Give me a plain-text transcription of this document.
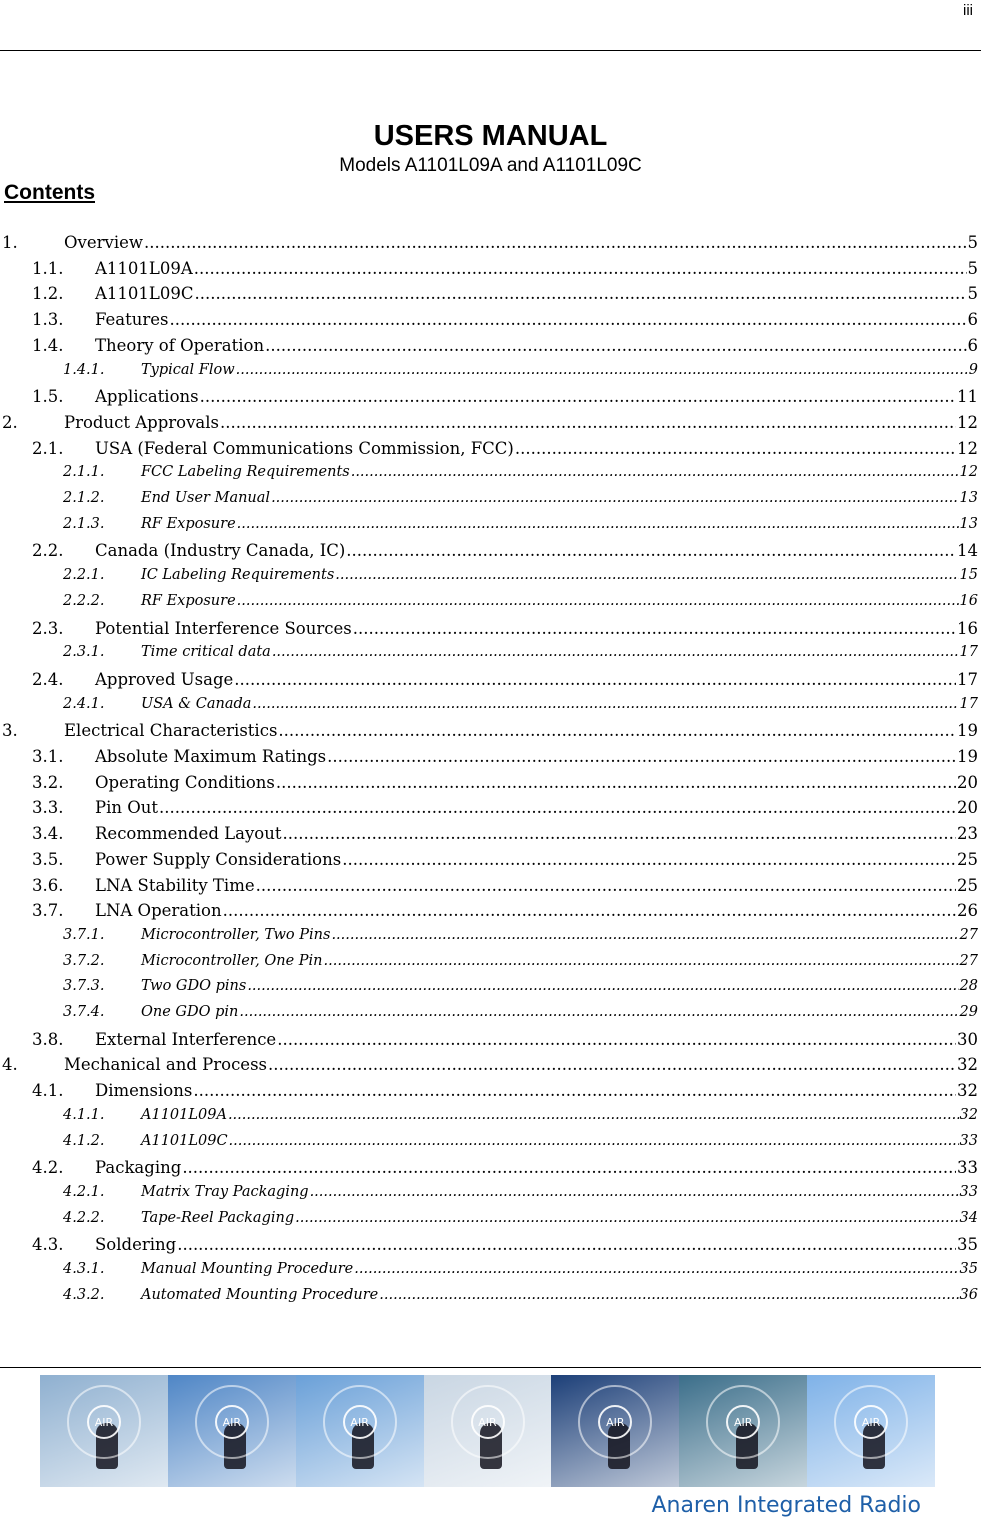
iii
USERS MANUAL
Models A1101L09A and A1101L09C
Contents
1.	Overview .....	5
1.1.	A1101L09A .....	5
1.2.	A1101L09C .....	5
1.3.	Features .....	6
1.4.	Theory of Operation .....	6
1.4.1.	Typical Flow .....	9
1.5.	Applications .....	11
2.	Product Approvals .....	12
2.1.	USA (Federal Communications Commission, FCC) .....	12
2.1.1.	FCC Labeling Requirements .....	12
2.1.2.	End User Manual .....	13
2.1.3.	RF Exposure .....	13
2.2.	Canada (Industry Canada, IC) .....	14
2.2.1.	IC Labeling Requirements .....	15
2.2.2.	RF Exposure .....	16
2.3.	Potential Interference Sources .....	16
2.3.1.	Time critical data .....	17
2.4.	Approved Usage .....	17
2.4.1.	USA & Canada .....	17
3.	Electrical Characteristics .....	19
3.1.	Absolute Maximum Ratings .....	19
3.2.	Operating Conditions .....	20
3.3.	Pin Out .....	20
3.4.	Recommended Layout .....	23
3.5.	Power Supply Considerations .....	25
3.6.	LNA Stability Time .....	25
3.7.	LNA Operation .....	26
3.7.1.	Microcontroller, Two Pins .....	27
3.7.2.	Microcontroller, One Pin .....	27
3.7.3.	Two GDO pins .....	28
3.7.4.	One GDO pin .....	29
3.8.	External Interference .....	30
4.	Mechanical and Process .....	32
4.1.	Dimensions .....	32
4.1.1.	A1101L09A .....	32
4.1.2.	A1101L09C .....	33
4.2.	Packaging .....	33
4.2.1.	Matrix Tray Packaging .....	33
4.2.2.	Tape-Reel Packaging .....	34
4.3.	Soldering .....	35
4.3.1.	Manual Mounting Procedure .....	35
4.3.2.	Automated Mounting Procedure .....	36
AIR	AIR	AIR	AIR	AIR	AIR	AIR
Anaren Integrated Radio
